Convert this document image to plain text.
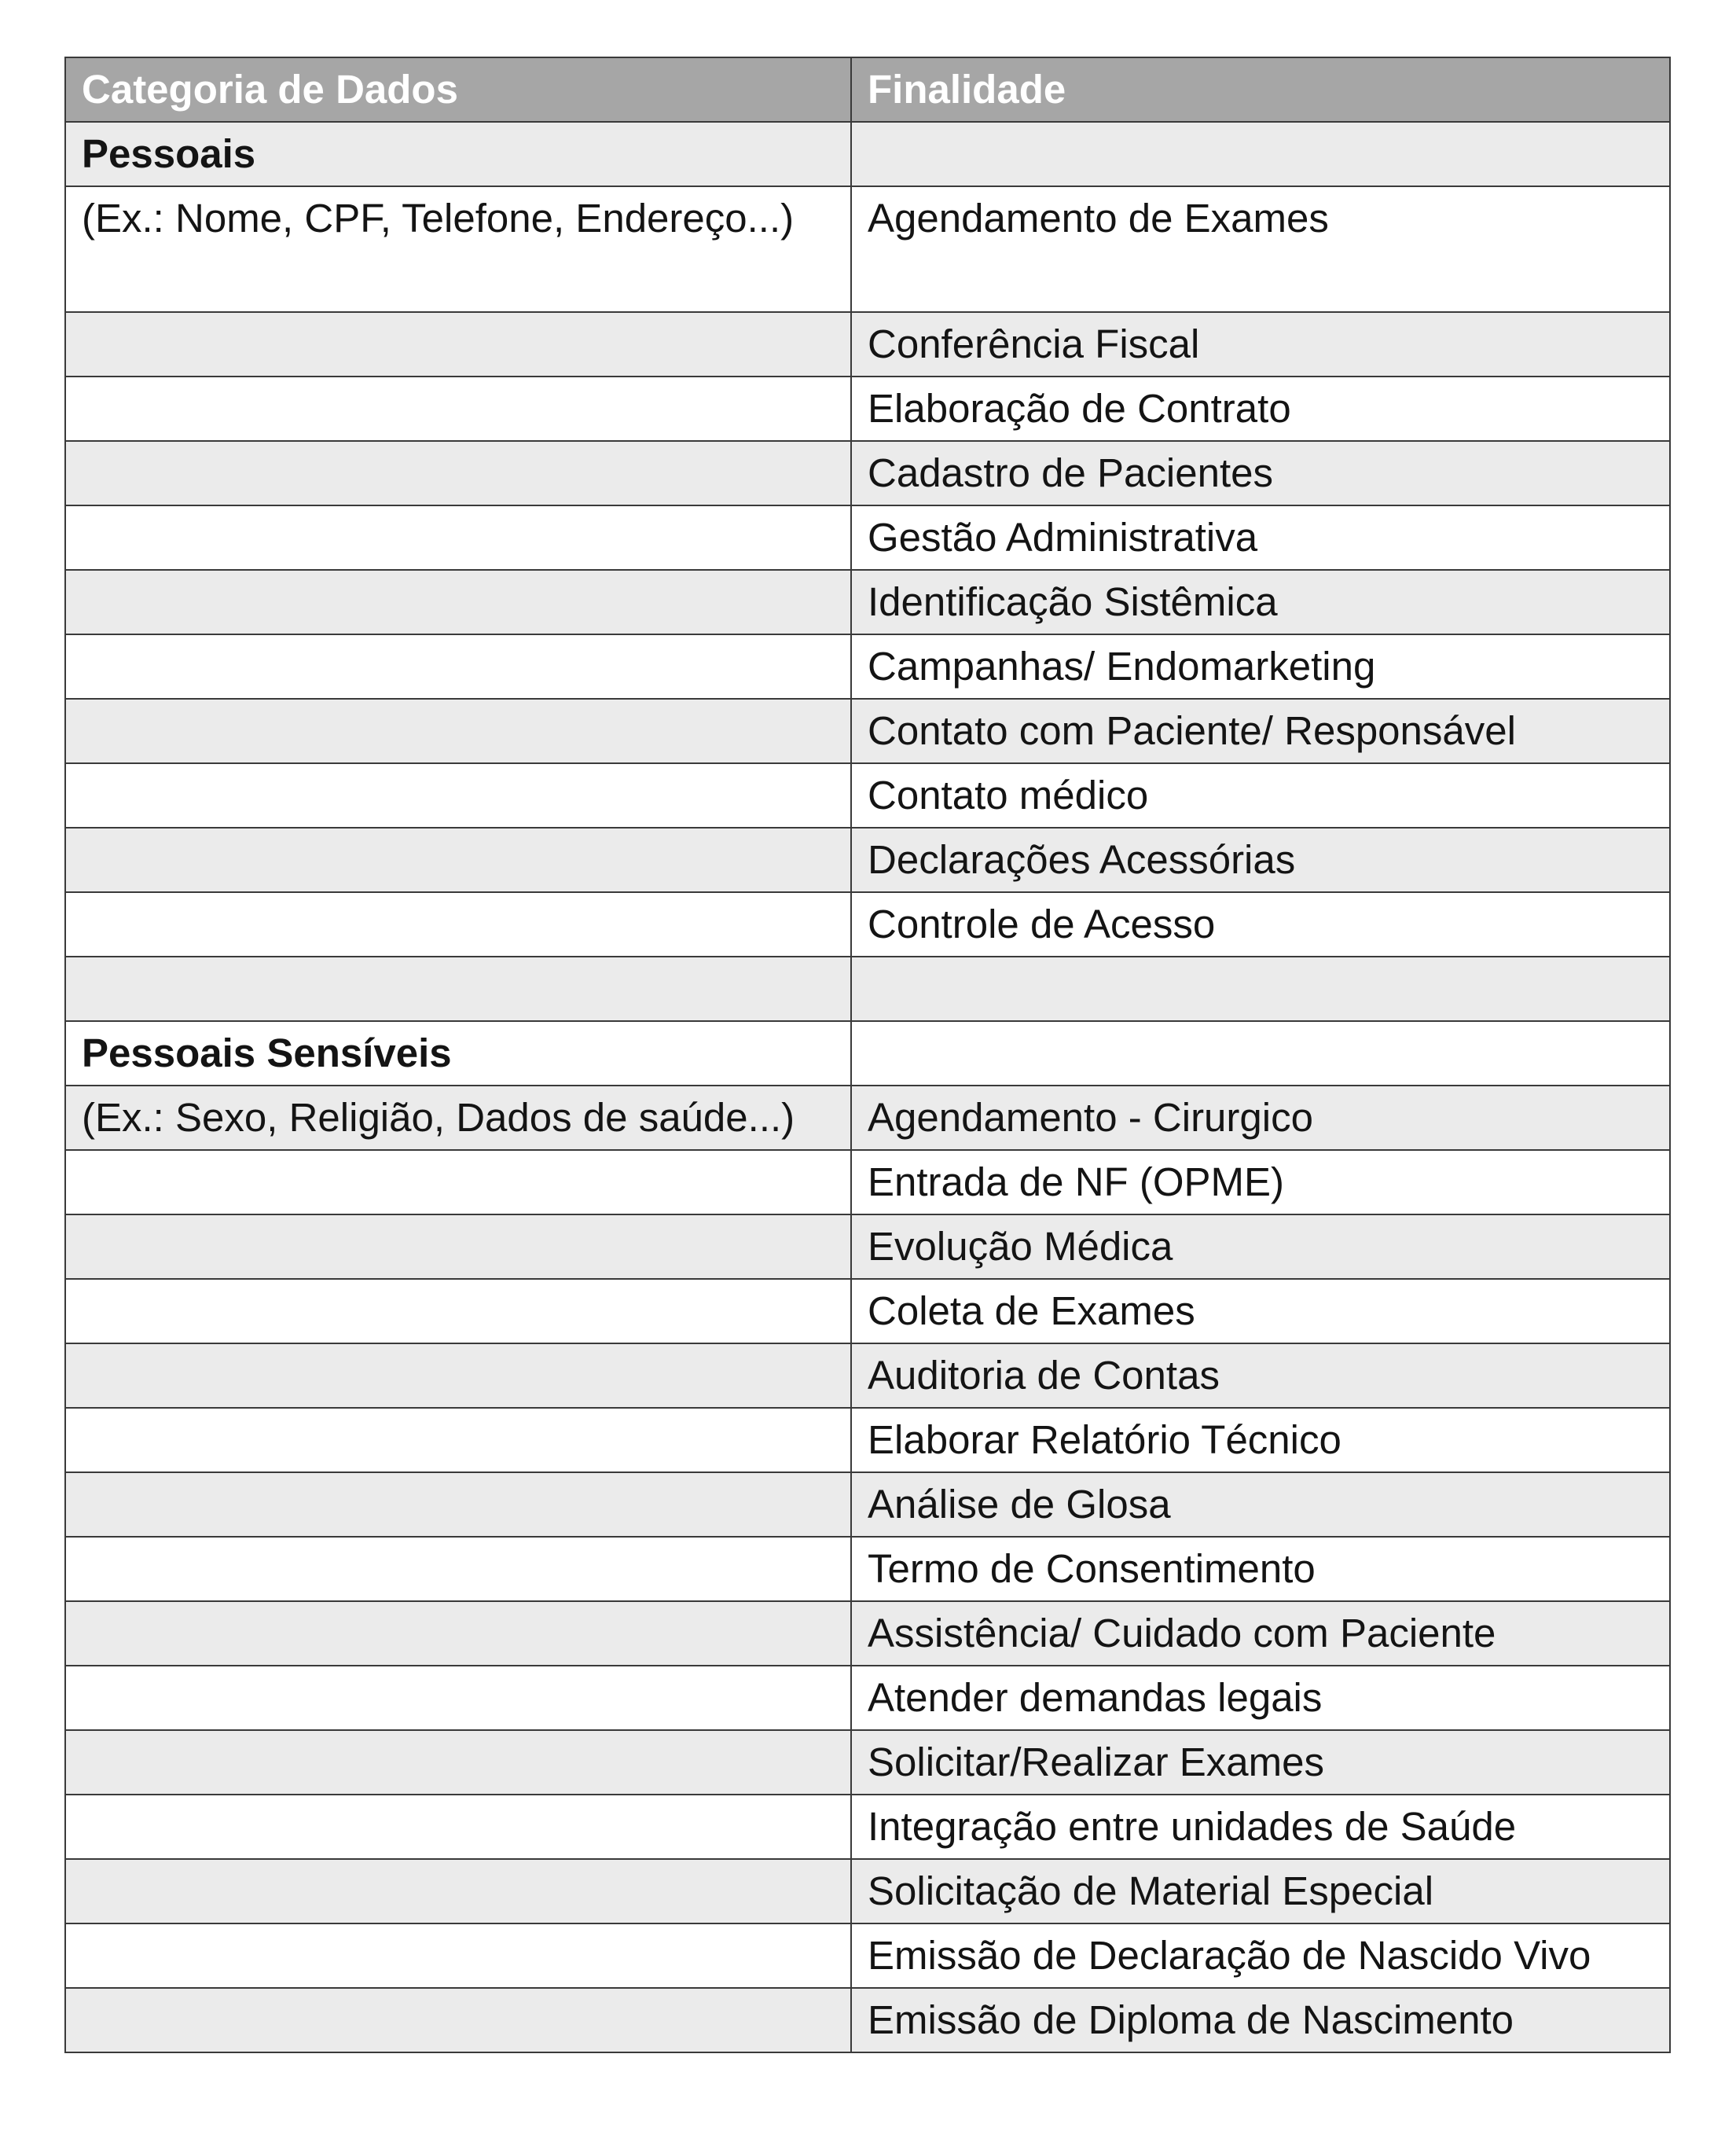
Categoria de Dados	Finalidade
Pessoais	
(Ex.: Nome, CPF, Telefone, Endereço...)	Agendamento de Exames
	Conferência Fiscal
	Elaboração de Contrato
	Cadastro de Pacientes
	Gestão Administrativa
	Identificação Sistêmica
	Campanhas/ Endomarketing
	Contato com Paciente/ Responsável
	Contato médico
	Declarações Acessórias
	Controle de Acesso

Pessoais Sensíveis	
(Ex.: Sexo, Religião, Dados de saúde...)	Agendamento - Cirurgico
	Entrada de NF (OPME)
	Evolução Médica
	Coleta de Exames
	Auditoria de Contas
	Elaborar Relatório Técnico
	Análise de Glosa
	Termo de Consentimento
	Assistência/ Cuidado com Paciente
	Atender demandas legais
	Solicitar/Realizar Exames
	Integração entre unidades de Saúde
	Solicitação de Material Especial
	Emissão de Declaração de Nascido Vivo
	Emissão de Diploma de Nascimento
